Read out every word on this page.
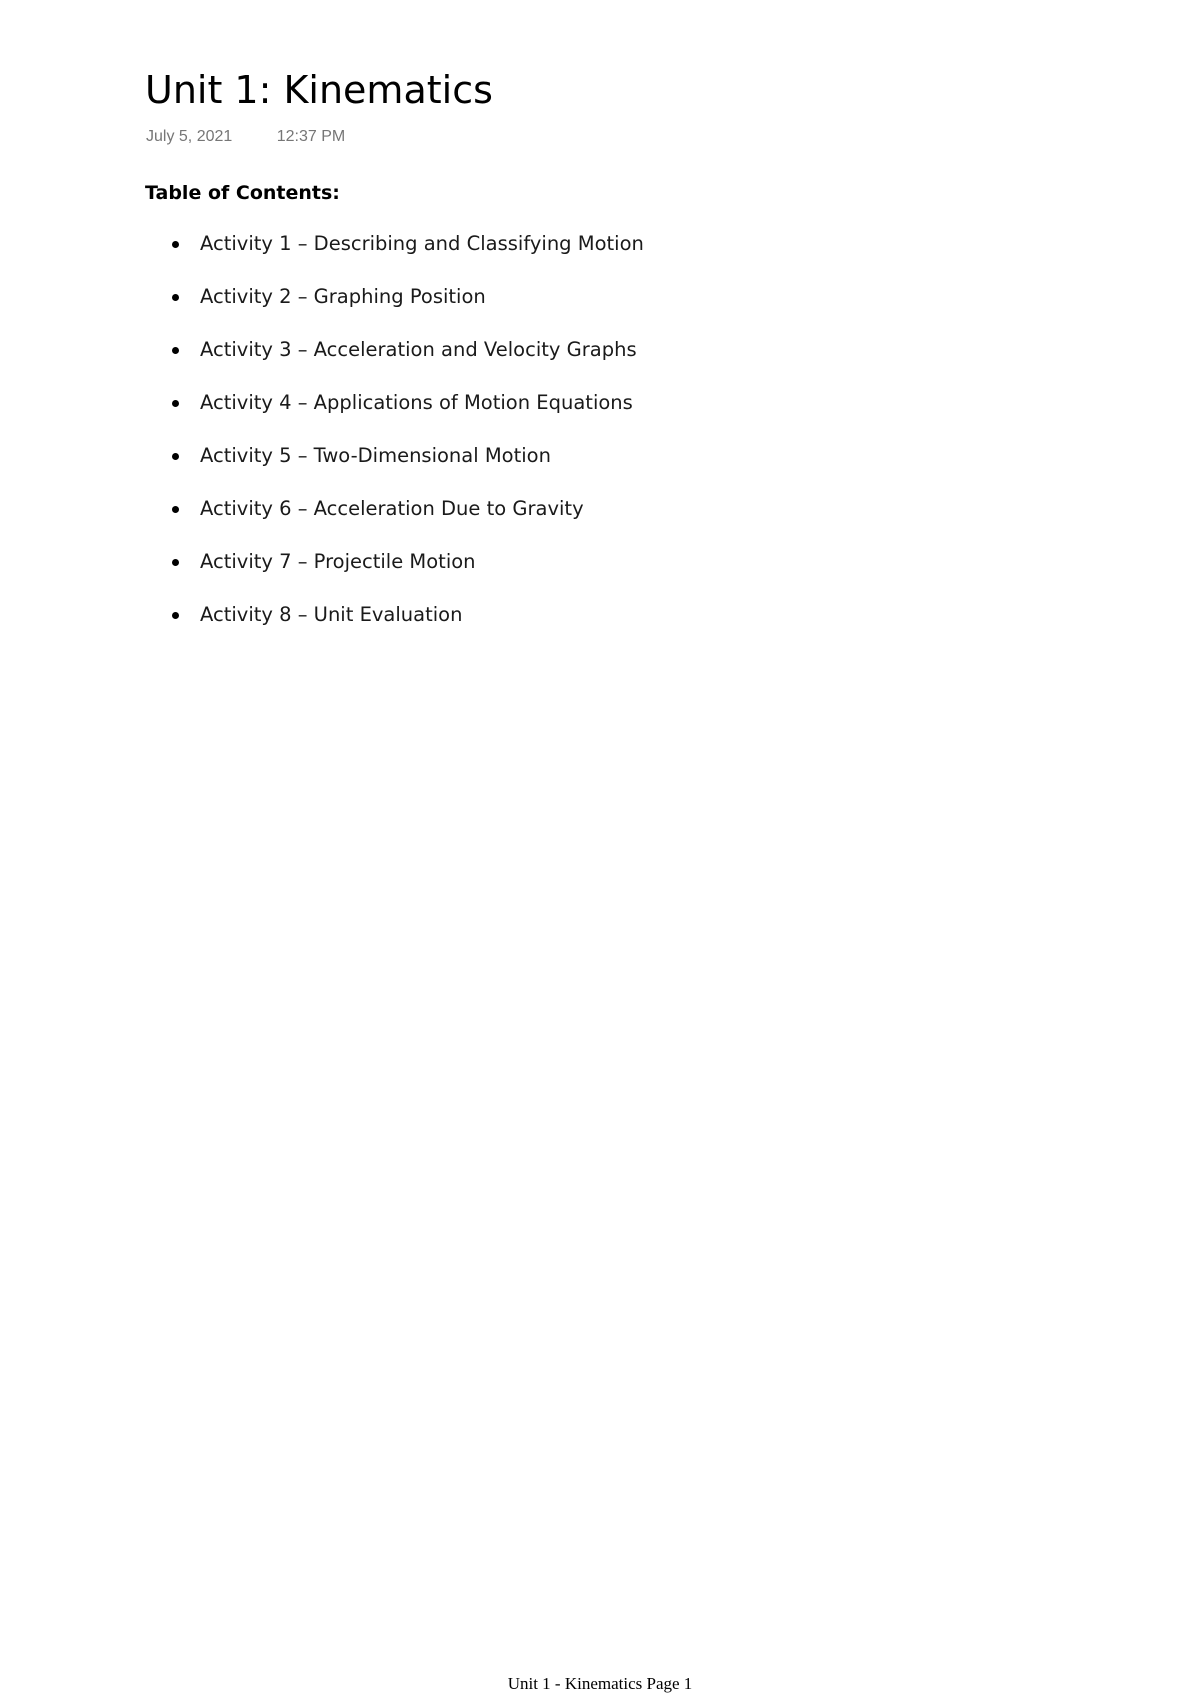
Unit 1: Kinematics
July 5, 2021	12:37 PM
Table of Contents:
Activity 1 – Describing and Classifying Motion
Activity 2 – Graphing Position
Activity 3 – Acceleration and Velocity Graphs
Activity 4 – Applications of Motion Equations
Activity 5 – Two-Dimensional Motion
Activity 6 – Acceleration Due to Gravity
Activity 7 – Projectile Motion
Activity 8 – Unit Evaluation
Unit 1 - Kinematics Page 1
